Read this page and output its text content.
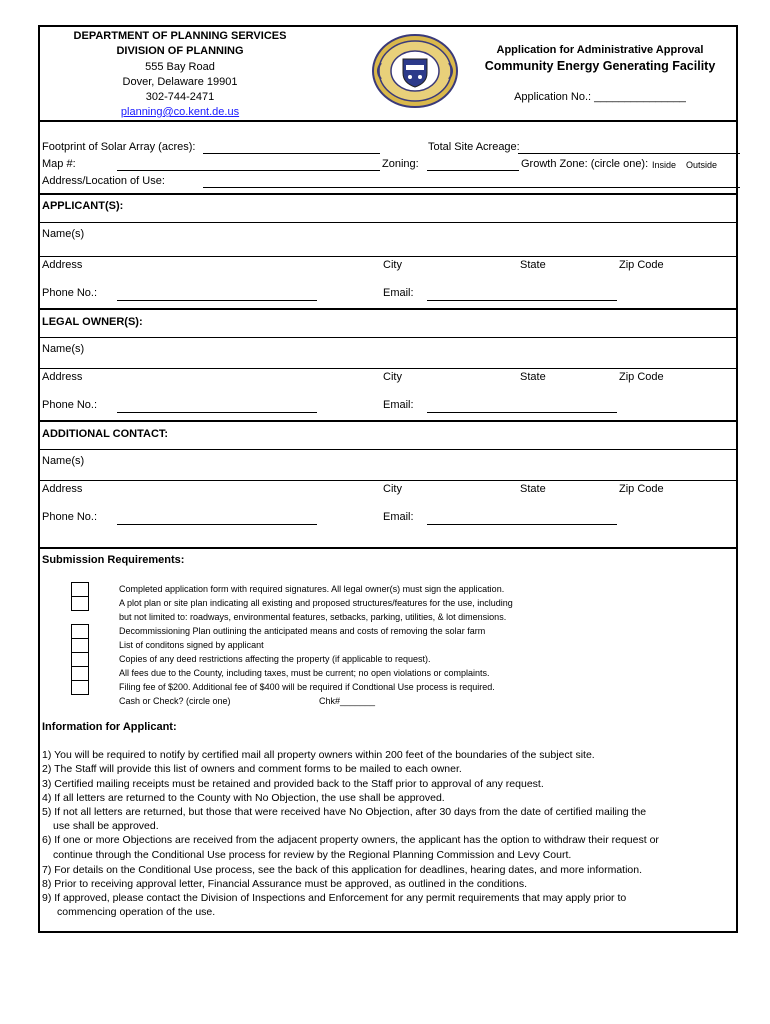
DEPARTMENT OF PLANNING SERVICES
DIVISION OF PLANNING
555 Bay Road
Dover, Delaware 19901
302-744-2471
planning@co.kent.de.us
Application for Administrative Approval
Community Energy Generating Facility
Application No.: _______________
Footprint of Solar Array (acres):	Total Site Acreage:
Map #:	Zoning:	Growth Zone: (circle one): Inside Outside
Address/Location of Use:
APPLICANT(S):
Name(s)
Address	City	State	Zip Code
Phone No.:	Email:
LEGAL OWNER(S):
Name(s)
Address	City	State	Zip Code
Phone No.:	Email:
ADDITIONAL CONTACT:
Name(s)
Address	City	State	Zip Code
Phone No.:	Email:
Submission Requirements:
Completed application form with required signatures. All legal owner(s) must sign the application.
A plot plan or site plan indicating all existing and proposed structures/features for the use, including
but not limited to: roadways, environmental features, setbacks, parking, utilities, & lot dimensions.
Decommissioning Plan outlining the anticipated means and costs of removing the solar farm
List of conditons signed by applicant
Copies of any deed restrictions affecting the property (if applicable to request).
All fees due to the County, including taxes, must be current; no open violations or complaints.
Filing fee of $200. Additional fee of $400 will be required if Condtional Use process is required.
Cash or Check? (circle one)	Chk#_______
Information for Applicant:
1) You will be required to notify by certified mail all property owners within 200 feet of the boundaries of the subject site.
2) The Staff will provide this list of owners and comment forms to be mailed to each owner.
3) Certified mailing receipts must be retained and provided back to the Staff prior to approval of any request.
4) If all letters are returned to the County with No Objection, the use shall be approved.
5) If not all letters are returned, but those that were received have No Objection, after 30 days from the date of certified mailing the
use shall be approved.
6) If one or more Objections are received from the adjacent property owners, the applicant has the option to withdraw their request or
continue through the Conditional Use process for review by the Regional Planning Commission and Levy Court.
7) For details on the Conditional Use process, see the back of this application for deadlines, hearing dates, and more information.
8) Prior to receiving approval letter, Financial Assurance must be approved, as outlined in the conditions.
9) If approved, please contact the Division of Inspections and Enforcement for any permit requirements that may apply prior to
commencing operation of the use.
